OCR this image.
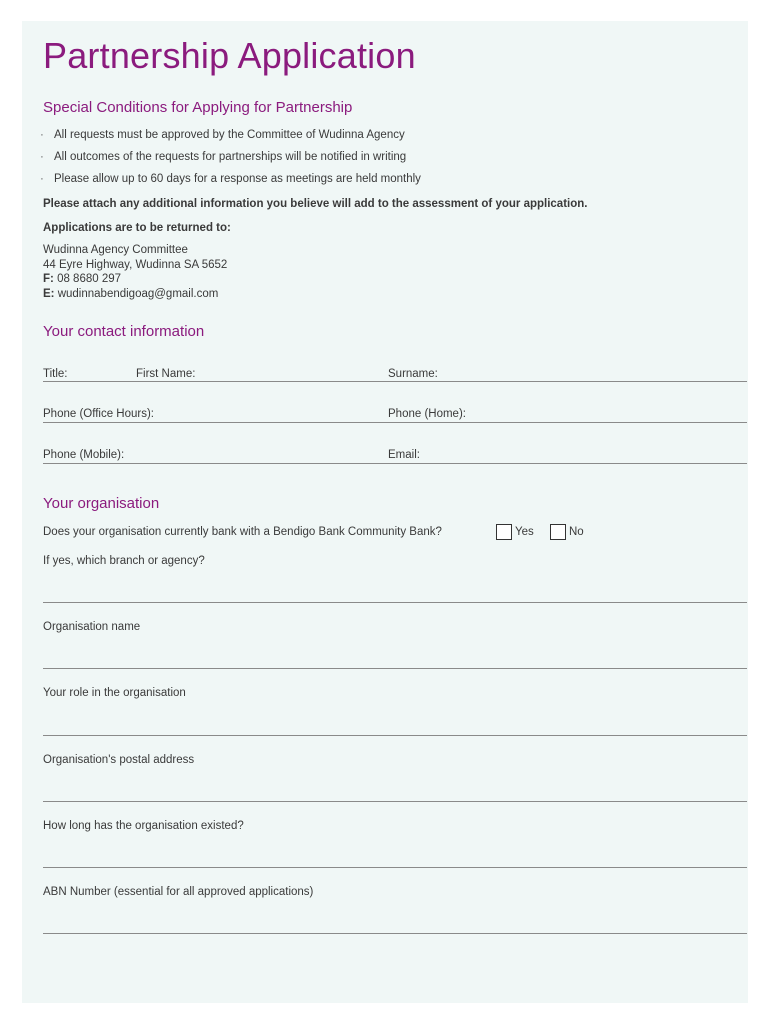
Partnership Application
Special Conditions for Applying for Partnership
· All requests must be approved by the Committee of Wudinna Agency
· All outcomes of the requests for partnerships will be notified in writing
· Please allow up to 60 days for a response as meetings are held monthly
Please attach any additional information you believe will add to the assessment of your application.
Applications are to be returned to:
Wudinna Agency Committee
44 Eyre Highway, Wudinna SA 5652
F: 08 8680 297
E: wudinnabendigoag@gmail.com
Your contact information
Title:	First Name:	Surname:
Phone (Office Hours):	Phone (Home):
Phone (Mobile):	Email:
Your organisation
Does your organisation currently bank with a Bendigo Bank Community Bank?	Yes	No
If yes, which branch or agency?
Organisation name
Your role in the organisation
Organisation's postal address
How long has the organisation existed?
ABN Number (essential for all approved applications)
